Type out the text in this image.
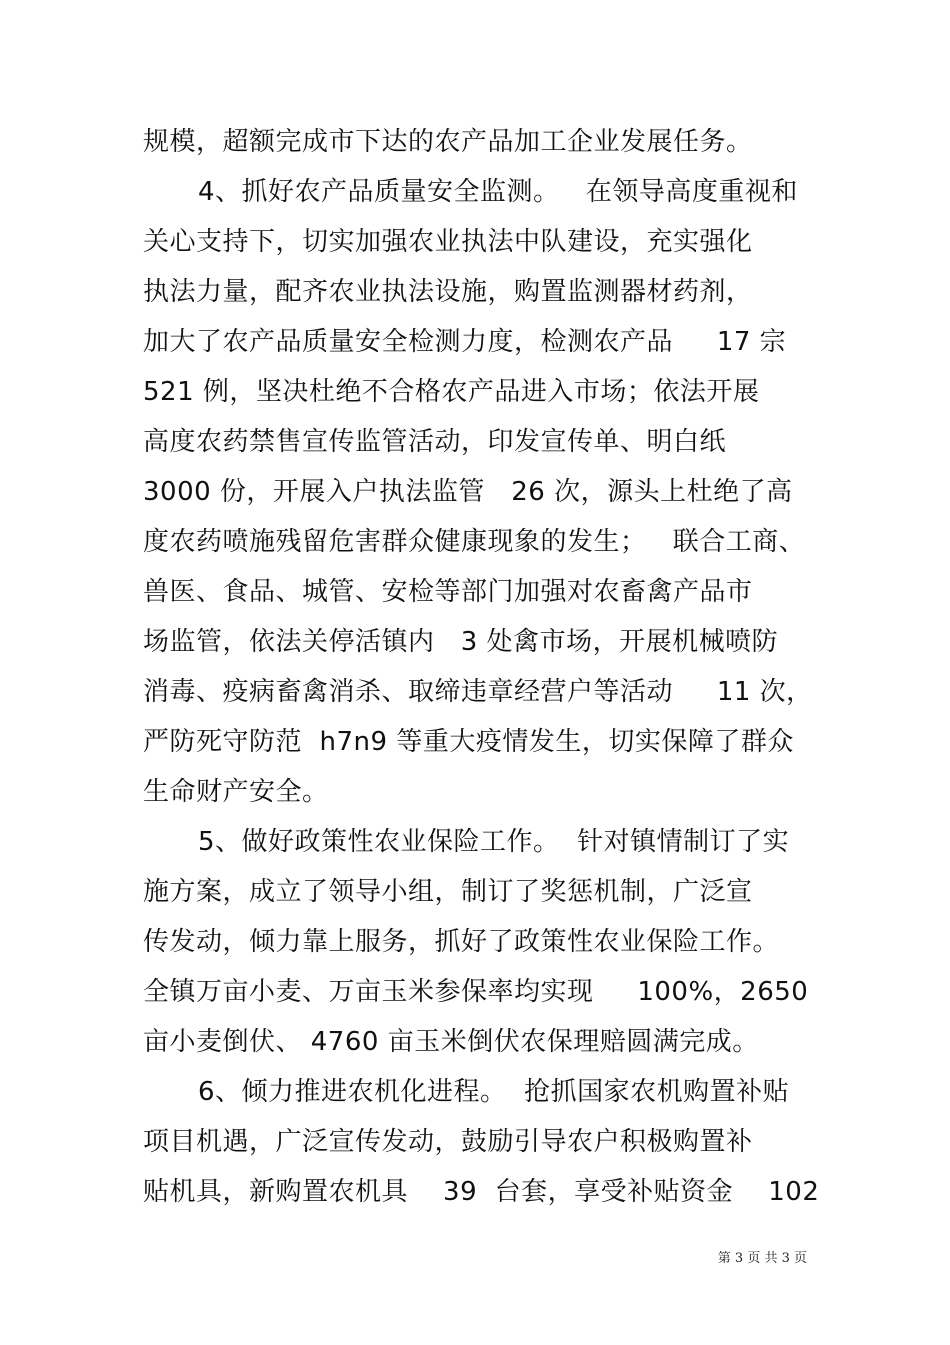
规模，超额完成市下达的农产品加工企业发展任务。
4、抓好农产品质量安全监测。   在领导高度重视和
关心支持下，切实加强农业执法中队建设，充实强化
执法力量，配齐农业执法设施，购置监测器材药剂，
加大了农产品质量安全检测力度，检测农产品     17 宗
521 例，坚决杜绝不合格农产品进入市场；依法开展
高度农药禁售宣传监管活动，印发宣传单、明白纸
3000 份，开展入户执法监管   26 次，源头上杜绝了高
度农药喷施残留危害群众健康现象的发生；   联合工商、
兽医、食品、城管、安检等部门加强对农畜禽产品市
场监管，依法关停活镇内   3 处禽市场，开展机械喷防
消毒、疫病畜禽消杀、取缔违章经营户等活动     11 次，
严防死守防范  h7n9 等重大疫情发生，切实保障了群众
生命财产安全。
5、做好政策性农业保险工作。  针对镇情制订了实
施方案，成立了领导小组，制订了奖惩机制，广泛宣
传发动，倾力靠上服务，抓好了政策性农业保险工作。
全镇万亩小麦、万亩玉米参保率均实现     100%，2650
亩小麦倒伏、 4760 亩玉米倒伏农保理赔圆满完成。
6、倾力推进农机化进程。  抢抓国家农机购置补贴
项目机遇，广泛宣传发动，鼓励引导农户积极购置补
贴机具，新购置农机具    39  台套，享受补贴资金    102
第 3 页 共 3 页
